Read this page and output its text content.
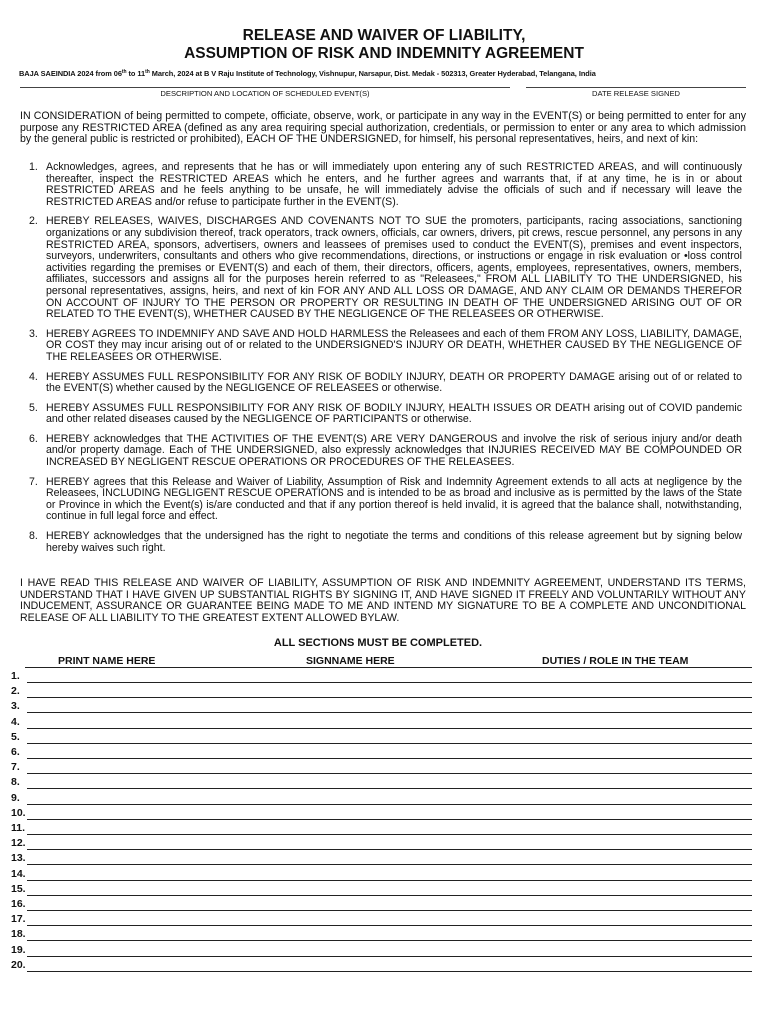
RELEASE AND WAIVER OF LIABILITY,
ASSUMPTION OF RISK AND INDEMNITY AGREEMENT
BAJA SAEINDIA 2024 from 06th to 11th March, 2024 at B V Raju Institute of Technology, Vishnupur, Narsapur, Dist. Medak - 502313, Greater Hyderabad, Telangana, India
DESCRIPTION AND LOCATION OF SCHEDULED EVENT(S)	DATE RELEASE SIGNED
IN CONSIDERATION of being permitted to compete, officiate, observe, work, or participate in any way in the EVENT(S) or being permitted to enter for any purpose any RESTRICTED AREA (defined as any area requiring special authorization, credentials, or permission to enter or any area to which admission by the general public is restricted or prohibited), EACH OF THE UNDERSIGNED, for himself, his personal representatives, heirs, and next of kin:
1. Acknowledges, agrees, and represents that he has or will immediately upon entering any of such RESTRICTED AREAS, and will continuously thereafter, inspect the RESTRICTED AREAS which he enters, and he further agrees and warrants that, if at any time, he is in or about RESTRICTED AREAS and he feels anything to be unsafe, he will immediately advise the officials of such and if necessary will leave the RESTRICTED AREAS and/or refuse to participate further in the EVENT(S).
2. HEREBY RELEASES, WAIVES, DISCHARGES AND COVENANTS NOT TO SUE the promoters, participants, racing associations, sanctioning organizations or any subdivision thereof, track operators, track owners, officials, car owners, drivers, pit crews, rescue personnel, any persons in any RESTRICTED AREA, sponsors, advertisers, owners and leassees of premises used to conduct the EVENT(S), premises and event inspectors, surveyors, underwriters, consultants and others who give recommendations, directions, or instructions or engage in risk evaluation or •loss control activities regarding the premises or EVENT(S) and each of them, their directors, officers, agents, employees, representatives, owners, members, affiliates, successors and assigns all for the purposes herein referred to as "Releasees," FROM ALL LIABILITY TO THE UNDERSIGNED, his personal representatives, assigns, heirs, and next of kin FOR ANY AND ALL LOSS OR DAMAGE, AND ANY CLAIM OR DEMANDS THEREFOR ON ACCOUNT OF INJURY TO THE PERSON OR PROPERTY OR RESULTING IN DEATH OF THE UNDERSIGNED ARISING OUT OF OR RELATED TO THE EVENT(S), WHETHER CAUSED BY THE NEGLIGENCE OF THE RELEASEES OR OTHERWISE.
3. HEREBY AGREES TO INDEMNIFY AND SAVE AND HOLD HARMLESS the Releasees and each of them FROM ANY LOSS, LIABILITY, DAMAGE, OR COST they may incur arising out of or related to the UNDERSIGNED'S INJURY OR DEATH, WHETHER CAUSED BY THE NEGLIGENCE OF THE RELEASEES OR OTHERWISE.
4. HEREBY ASSUMES FULL RESPONSIBILITY FOR ANY RISK OF BODILY INJURY, DEATH OR PROPERTY DAMAGE arising out of or related to the EVENT(S) whether caused by the NEGLIGENCE OF RELEASEES or otherwise.
5. HEREBY ASSUMES FULL RESPONSIBILITY FOR ANY RISK OF BODILY INJURY, HEALTH ISSUES OR DEATH arising out of COVID pandemic and other related diseases caused by the NEGLIGENCE OF PARTICIPANTS or otherwise.
6. HEREBY acknowledges that THE ACTIVITIES OF THE EVENT(S) ARE VERY DANGEROUS and involve the risk of serious injury and/or death and/or property damage. Each of THE UNDERSIGNED, also expressly acknowledges that INJURIES RECEIVED MAY BE COMPOUNDED OR INCREASED BY NEGLIGENT RESCUE OPERATIONS OR PROCEDURES OF THE RELEASEES.
7. HEREBY agrees that this Release and Waiver of Liability, Assumption of Risk and Indemnity Agreement extends to all acts at negligence by the Releasees, INCLUDING NEGLIGENT RESCUE OPERATIONS and is intended to be as broad and inclusive as is permitted by the laws of the State or Province in which the Event(s) is/are conducted and that if any portion thereof is held invalid, it is agreed that the balance shall, notwithstanding, continue in full legal force and effect.
8. HEREBY acknowledges that the undersigned has the right to negotiate the terms and conditions of this release agreement but by signing below hereby waives such right.
I HAVE READ THIS RELEASE AND WAIVER OF LIABILITY, ASSUMPTION OF RISK AND INDEMNITY AGREEMENT, UNDERSTAND ITS TERMS, UNDERSTAND THAT I HAVE GIVEN UP SUBSTANTIAL RIGHTS BY SIGNING IT, AND HAVE SIGNED IT FREELY AND VOLUNTARILY WITHOUT ANY INDUCEMENT, ASSURANCE OR GUARANTEE BEING MADE TO ME AND INTEND MY SIGNATURE TO BE A COMPLETE AND UNCONDITIONAL RELEASE OF ALL LIABILITY TO THE GREATEST EXTENT ALLOWED BYLAW.
ALL SECTIONS MUST BE COMPLETED.
PRINT NAME HERE	SIGNNAME HERE	DUTIES / ROLE IN THE TEAM
1.
2.
3.
4.
5.
6.
7.
8.
9.
10.
11.
12.
13.
14.
15.
16.
17.
18.
19.
20.
